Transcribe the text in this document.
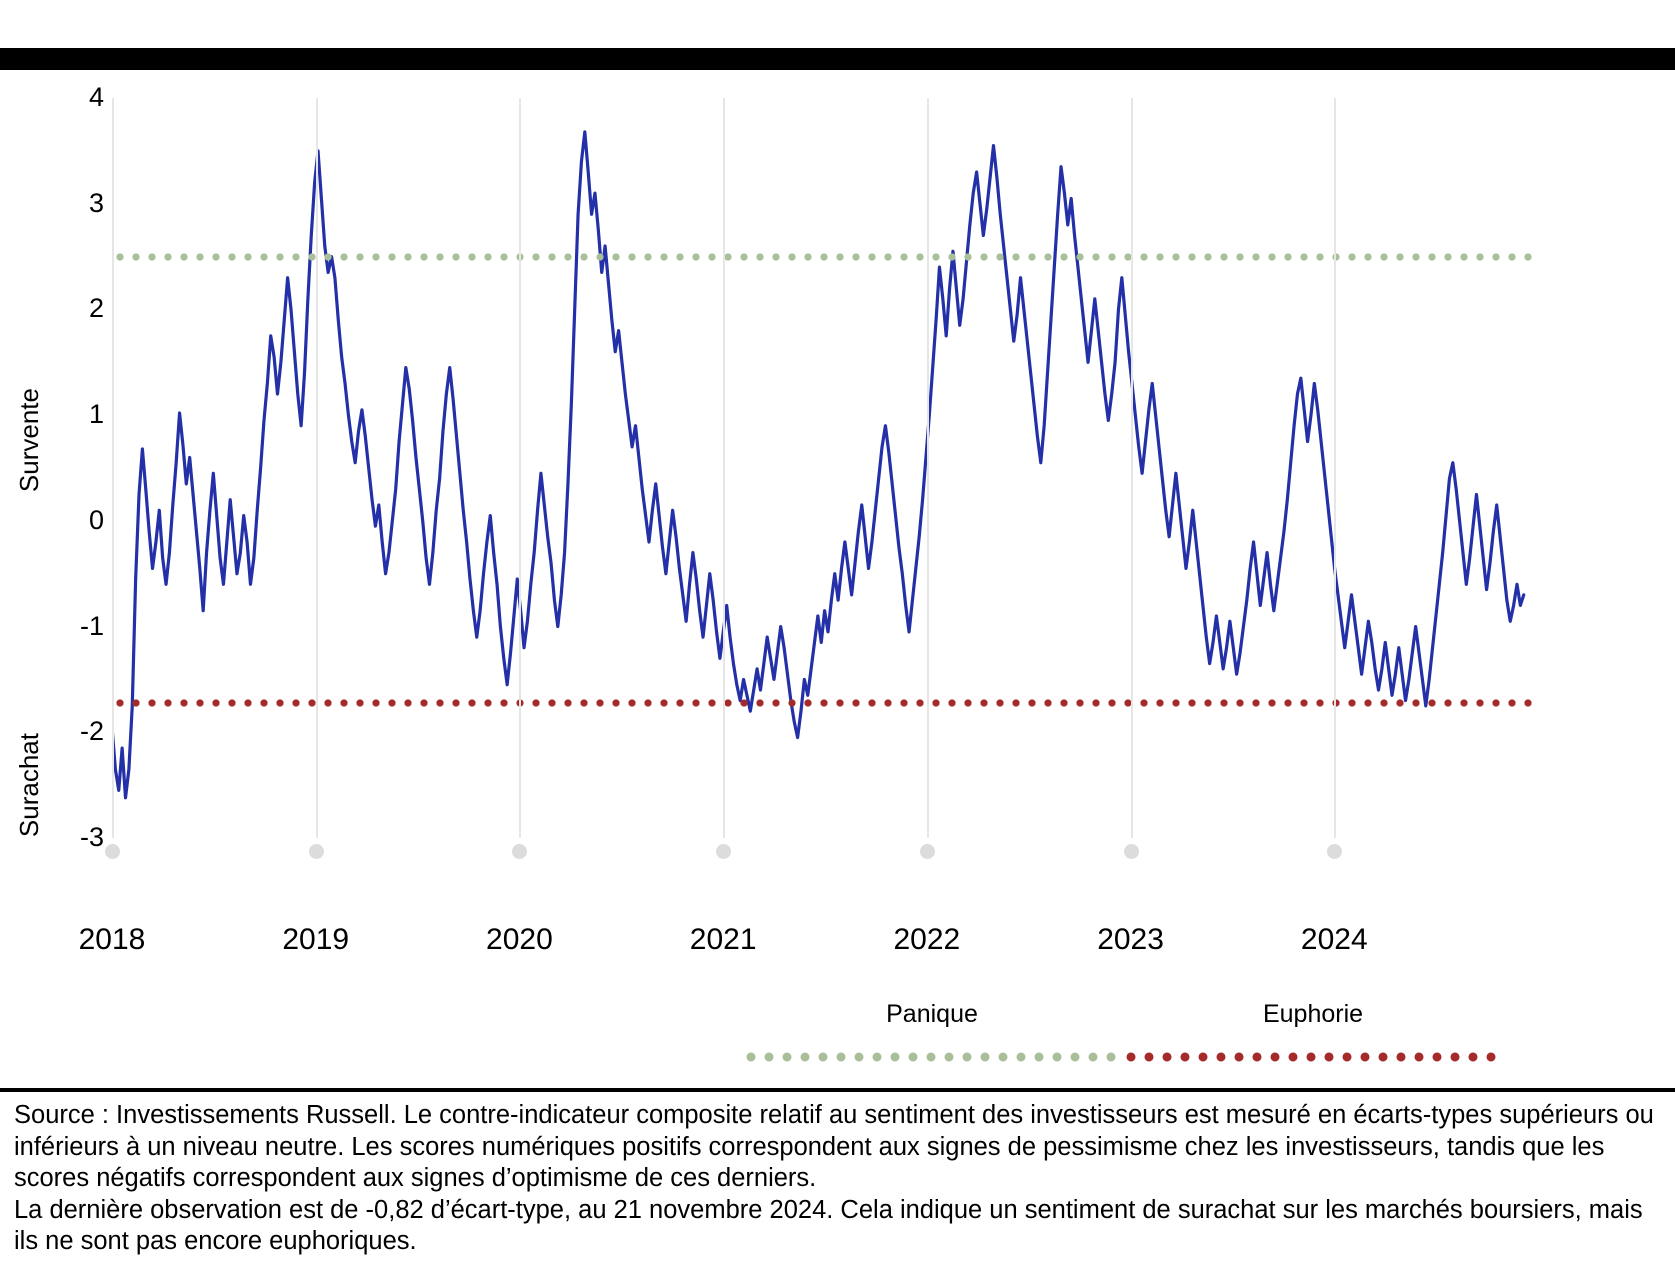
Survente
Surachat
4
3
2
1
0
-1
-2
-3
2018	2019	2020	2021	2022	2023	2024
Panique	Euphorie

Source : Investissements Russell. Le contre-indicateur composite relatif au sentiment des investisseurs est mesuré en écarts-types supérieurs ou inférieurs à un niveau neutre. Les scores numériques positifs correspondent aux signes de pessimisme chez les investisseurs, tandis que les scores négatifs correspondent aux signes d’optimisme de ces derniers.

La dernière observation est de -0,82 d’écart-type, au 21 novembre 2024. Cela indique un sentiment de surachat sur les marchés boursiers, mais ils ne sont pas encore euphoriques.
